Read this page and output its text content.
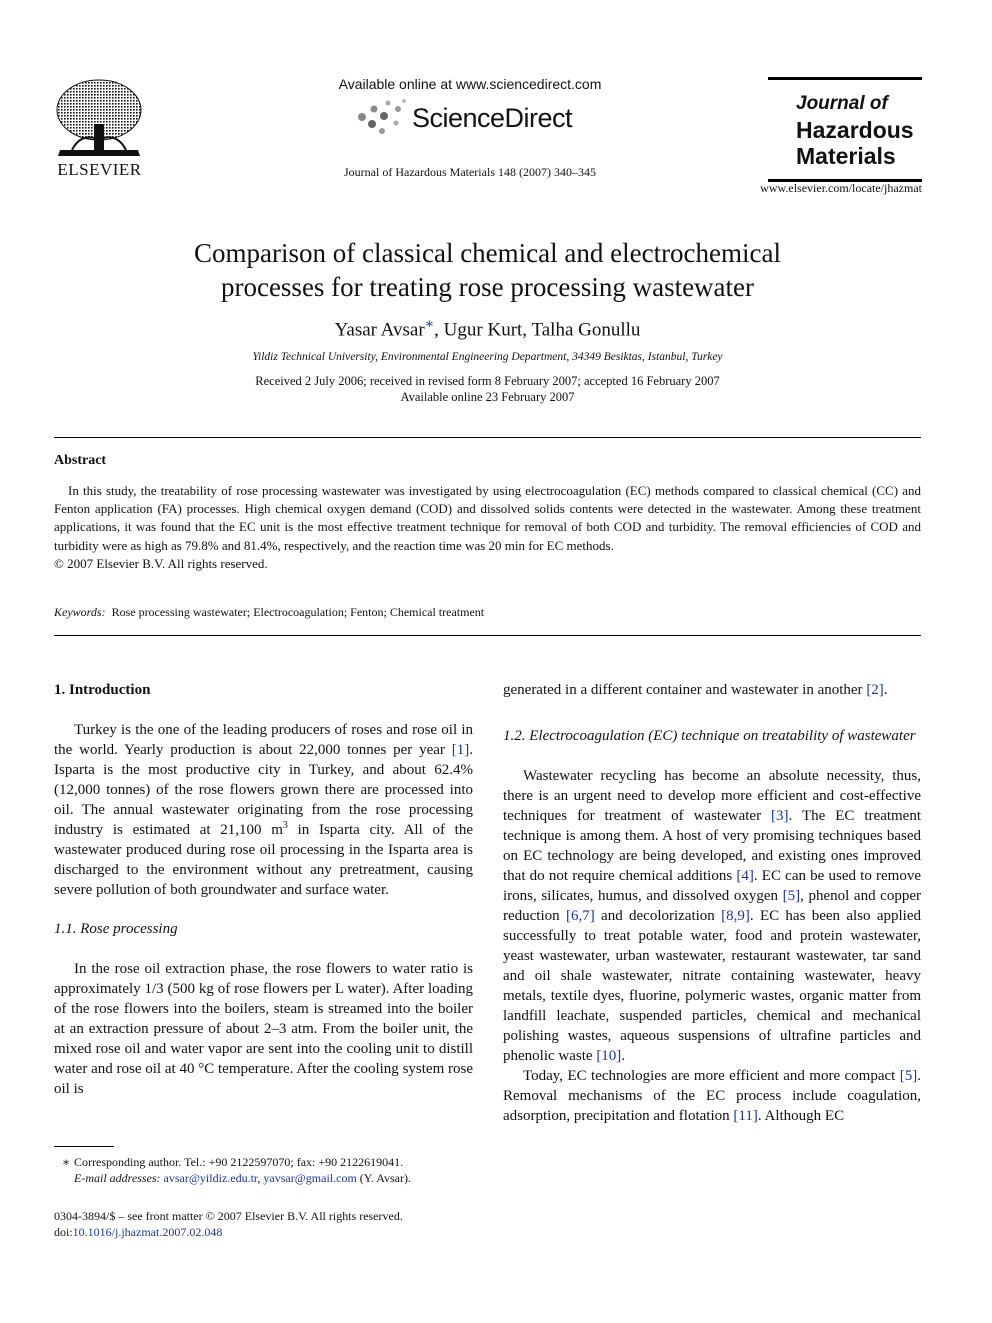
ELSEVIER
Available online at www.sciencedirect.com
ScienceDirect
Journal of Hazardous Materials 148 (2007) 340–345
Journal of
Hazardous
Materials
www.elsevier.com/locate/jhazmat
Comparison of classical chemical and electrochemical
processes for treating rose processing wastewater
Yasar Avsar∗, Ugur Kurt, Talha Gonullu
Yildiz Technical University, Environmental Engineering Department, 34349 Besiktas, Istanbul, Turkey
Received 2 July 2006; received in revised form 8 February 2007; accepted 16 February 2007
Available online 23 February 2007
Abstract
In this study, the treatability of rose processing wastewater was investigated by using electrocoagulation (EC) methods compared to classical chemical (CC) and Fenton application (FA) processes. High chemical oxygen demand (COD) and dissolved solids contents were detected in the wastewater. Among these treatment applications, it was found that the EC unit is the most effective treatment technique for removal of both COD and turbidity. The removal efficiencies of COD and turbidity were as high as 79.8% and 81.4%, respectively, and the reaction time was 20 min for EC methods.
© 2007 Elsevier B.V. All rights reserved.
Keywords: Rose processing wastewater; Electrocoagulation; Fenton; Chemical treatment
1. Introduction

Turkey is the one of the leading producers of roses and rose oil in the world. Yearly production is about 22,000 tonnes per year [1]. Isparta is the most productive city in Turkey, and about 62.4% (12,000 tonnes) of the rose flowers grown there are processed into oil. The annual wastewater originating from the rose processing industry is estimated at 21,100 $m^3$ in Isparta city. All of the wastewater produced during rose oil processing in the Isparta area is discharged to the environment without any pretreatment, causing severe pollution of both groundwater and surface water.

1.1. Rose processing

In the rose oil extraction phase, the rose flowers to water ratio is approximately 1/3 (500 kg of rose flowers per L water). After loading of the rose flowers into the boilers, steam is streamed into the boiler at an extraction pressure of about 2–3 atm. From the boiler unit, the mixed rose oil and water vapor are sent into the cooling unit to distill water and rose oil at 40 °C temperature. After the cooling system rose oil is

generated in a different container and wastewater in another [2].

1.2. Electrocoagulation (EC) technique on treatability of wastewater

Wastewater recycling has become an absolute necessity, thus, there is an urgent need to develop more efficient and cost-effective techniques for treatment of wastewater [3]. The EC treatment technique is among them. A host of very promising techniques based on EC technology are being developed, and existing ones improved that do not require chemical additions [4]. EC can be used to remove irons, silicates, humus, and dissolved oxygen [5], phenol and copper reduction [6,7] and decolorization [8,9]. EC has been also applied successfully to treat potable water, food and protein wastewater, yeast wastewater, urban wastewater, restaurant wastewater, tar sand and oil shale wastewater, nitrate containing wastewater, heavy metals, textile dyes, fluorine, polymeric wastes, organic matter from landfill leachate, suspended particles, chemical and mechanical polishing wastes, aqueous suspensions of ultrafine particles and phenolic waste [10].

Today, EC technologies are more efficient and more compact [5]. Removal mechanisms of the EC process include coagulation, adsorption, precipitation and flotation [11]. Although EC

∗ Corresponding author. Tel.: +90 2122597070; fax: +90 2122619041.
E-mail addresses: avsar@yildiz.edu.tr, yavsar@gmail.com (Y. Avsar).
0304-3894/$ – see front matter © 2007 Elsevier B.V. All rights reserved.
doi:10.1016/j.jhazmat.2007.02.048
